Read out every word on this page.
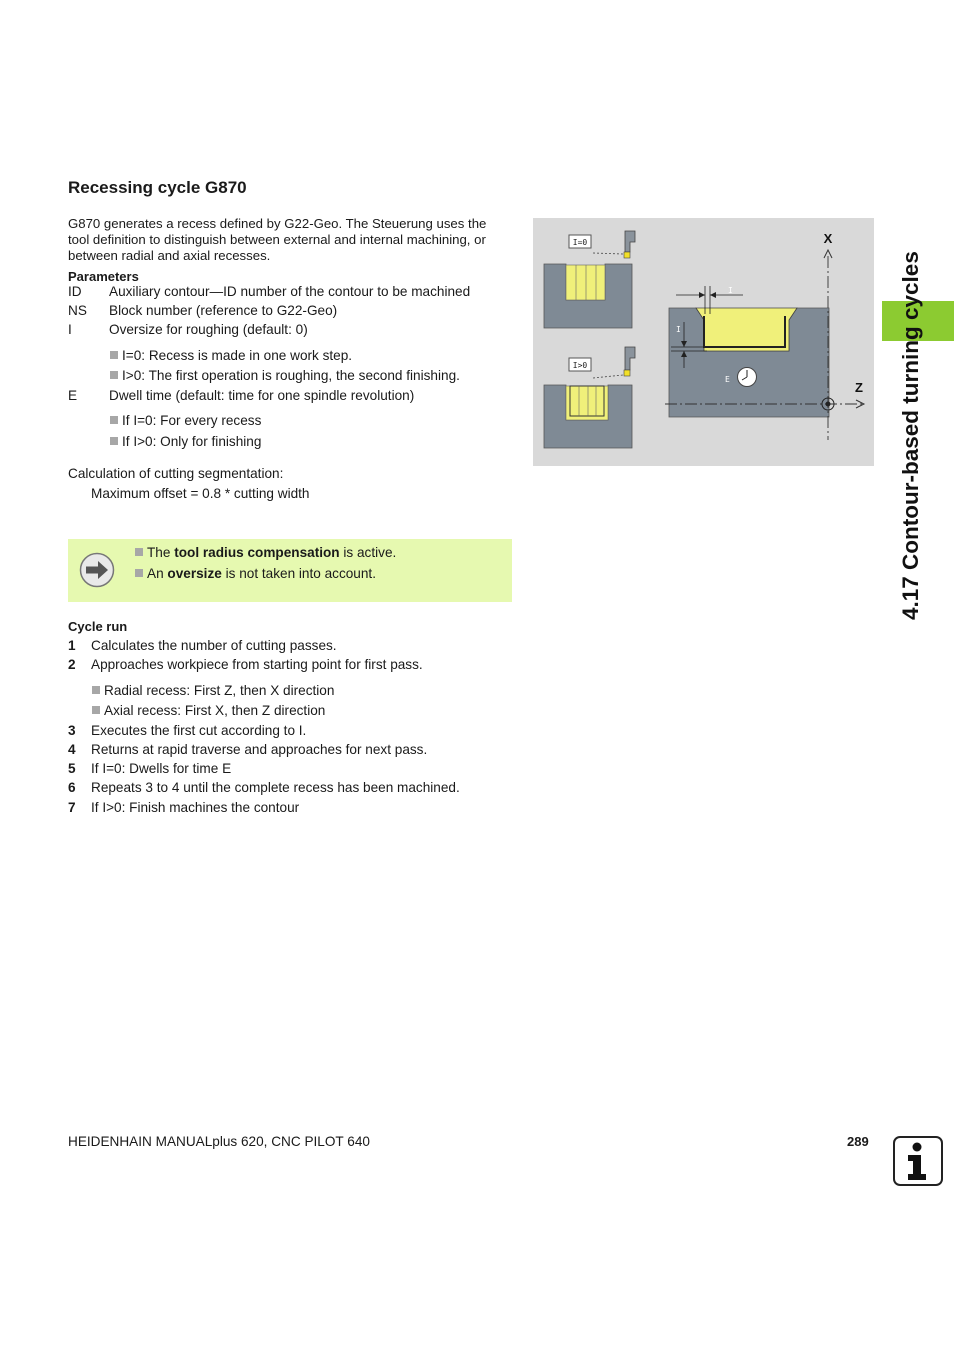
4.17 Contour-based turning cycles
Recessing cycle G870
G870 generates a recess defined by G22-Geo. The Steuerung uses the tool definition to distinguish between external and internal machining, or between radial and axial recesses.
Parameters
ID Auxiliary contour—ID number of the contour to be machined
NS Block number (reference to G22-Geo)
I	Oversize for roughing (default: 0)
I=0: Recess is made in one work step.
I>0: The first operation is roughing, the second finishing.
E Dwell time (default: time for one spindle revolution)
If I=0: For every recess
If I>0: Only for finishing
Calculation of cutting segmentation:
Maximum offset = 0.8 * cutting width
The tool radius compensation is active.
An oversize is not taken into account.
Cycle run
1 Calculates the number of cutting passes.
2 Approaches workpiece from starting point for first pass.
Radial recess: First Z, then X direction
Axial recess: First X, then Z direction
3 Executes the first cut according to I.
4 Returns at rapid traverse and approaches for next pass.
5 If I=0: Dwells for time E
6 Repeats 3 to 4 until the complete recess has been machined.
7 If I>0: Finish machines the contour
I=0
I>0
X
Z
I
I
E
HEIDENHAIN MANUALplus 620, CNC PILOT 640	289
